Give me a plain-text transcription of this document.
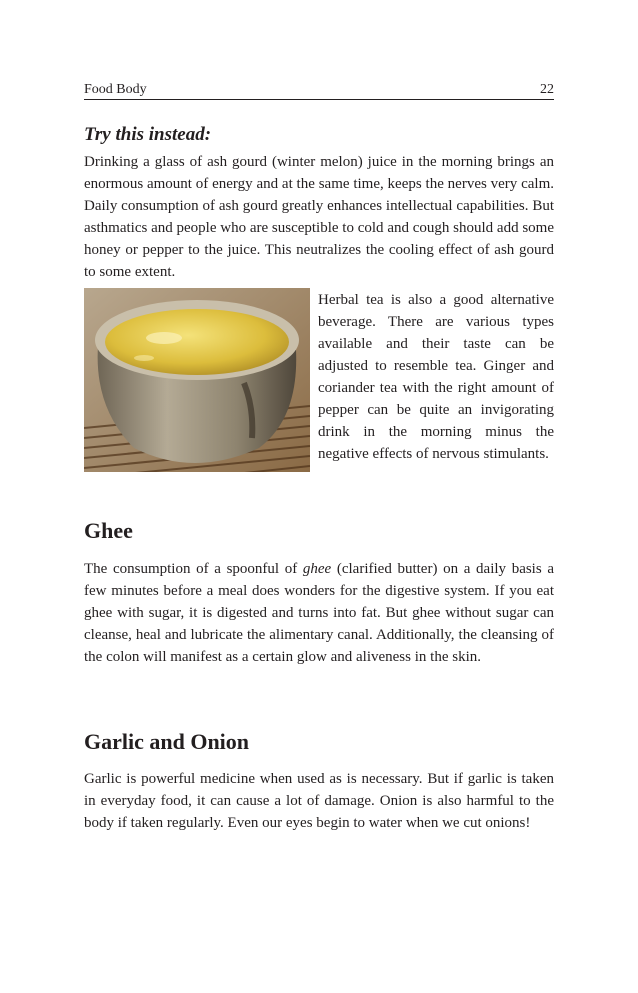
Food Body	22
Try this instead:

Drinking a glass of ash gourd (winter melon) juice in the morning brings an enormous amount of energy and at the same time, keeps the nerves very calm. Daily consumption of ash gourd greatly enhances intellectual capabilities. But asthmatics and people who are susceptible to cold and cough should add some honey or pepper to the juice. This neutralizes the cooling effect of ash gourd to some extent.

Herbal tea is also a good alternative beverage. There are various types available and their taste can be adjusted to resemble tea. Ginger and coriander tea with the right amount of pepper can be quite an invigorating drink in the morning minus the negative effects of nervous stimulants.

Ghee

The consumption of a spoonful of ghee (clarified butter) on a daily basis a few minutes before a meal does wonders for the digestive system. If you eat ghee with sugar, it is digested and turns into fat. But ghee without sugar can cleanse, heal and lubricate the alimentary canal. Additionally, the cleansing of the colon will manifest as a certain glow and aliveness in the skin.

Garlic and Onion

Garlic is powerful medicine when used as is necessary. But if garlic is taken in everyday food, it can cause a lot of damage. Onion is also harmful to the body if taken regularly. Even our eyes begin to water when we cut onions!
